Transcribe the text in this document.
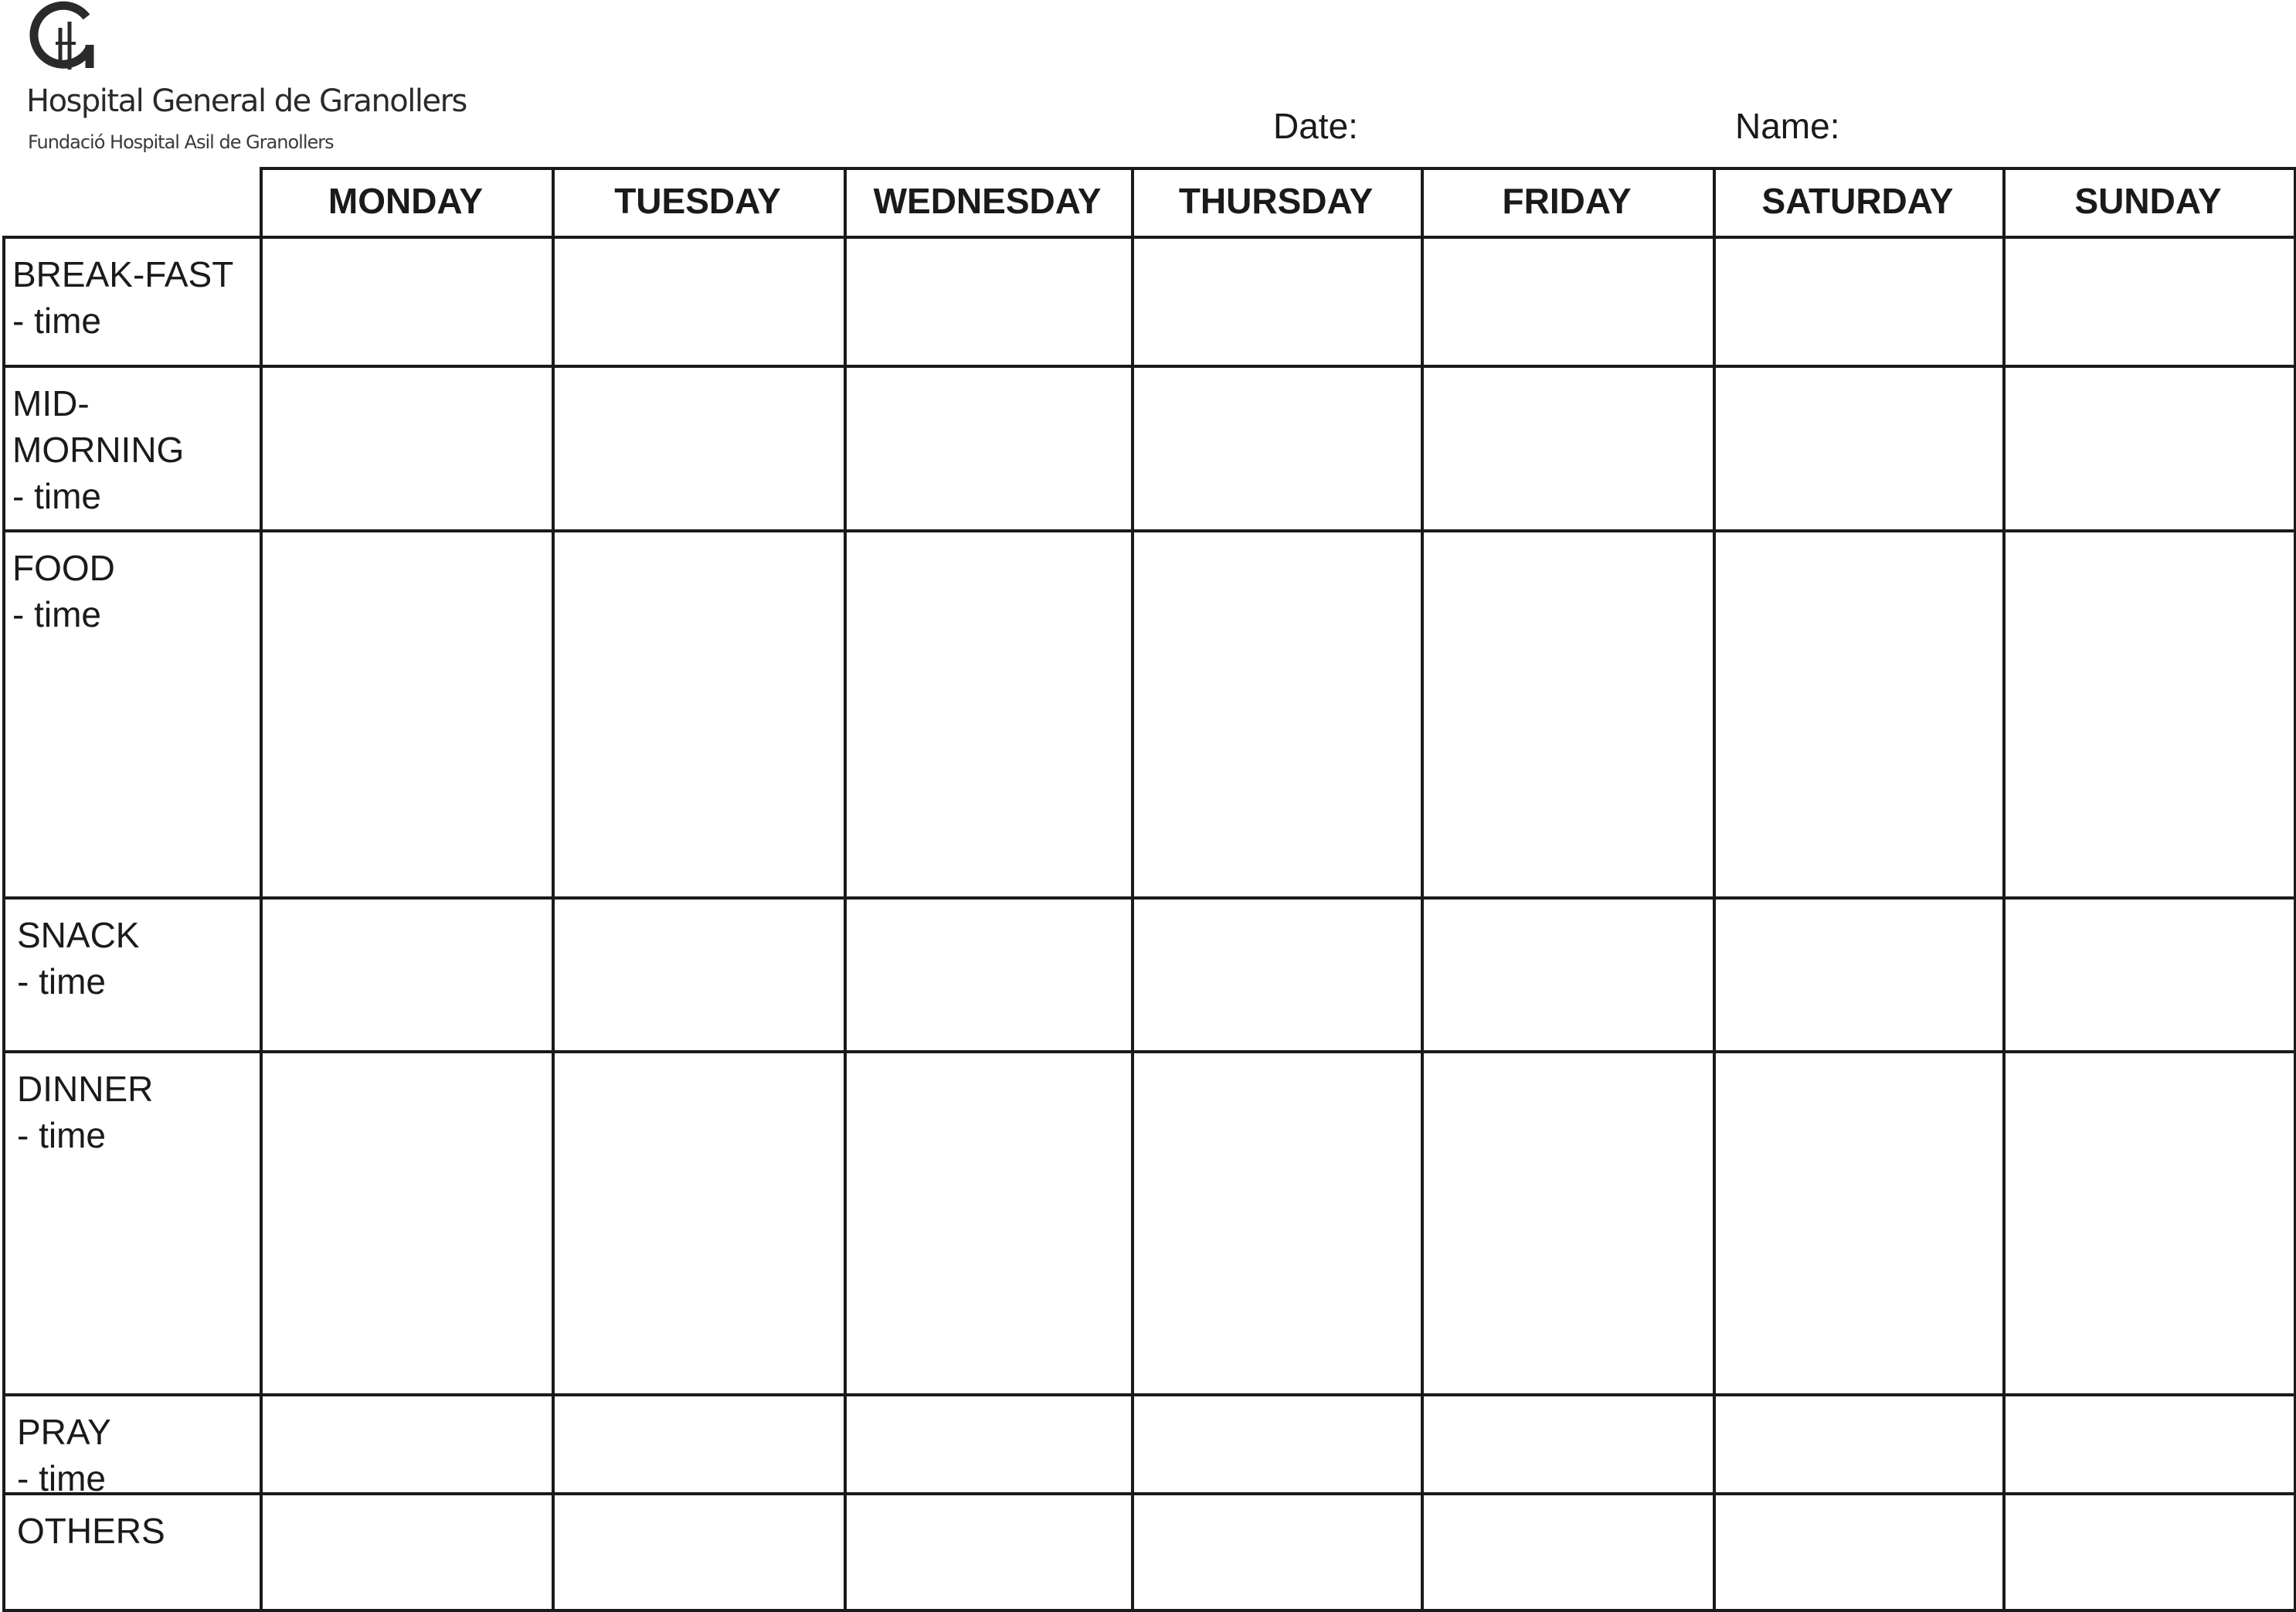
Hospital General de Granollers
Fundació Hospital Asil de Granollers	Date:	Name:
MONDAY	TUESDAY	WEDNESDAY	THURSDAY	FRIDAY	SATURDAY	SUNDAY
BREAK-FAST
- time
MID-
MORNING
- time
FOOD
- time
SNACK
- time
DINNER
- time
PRAY
- time
OTHERS
